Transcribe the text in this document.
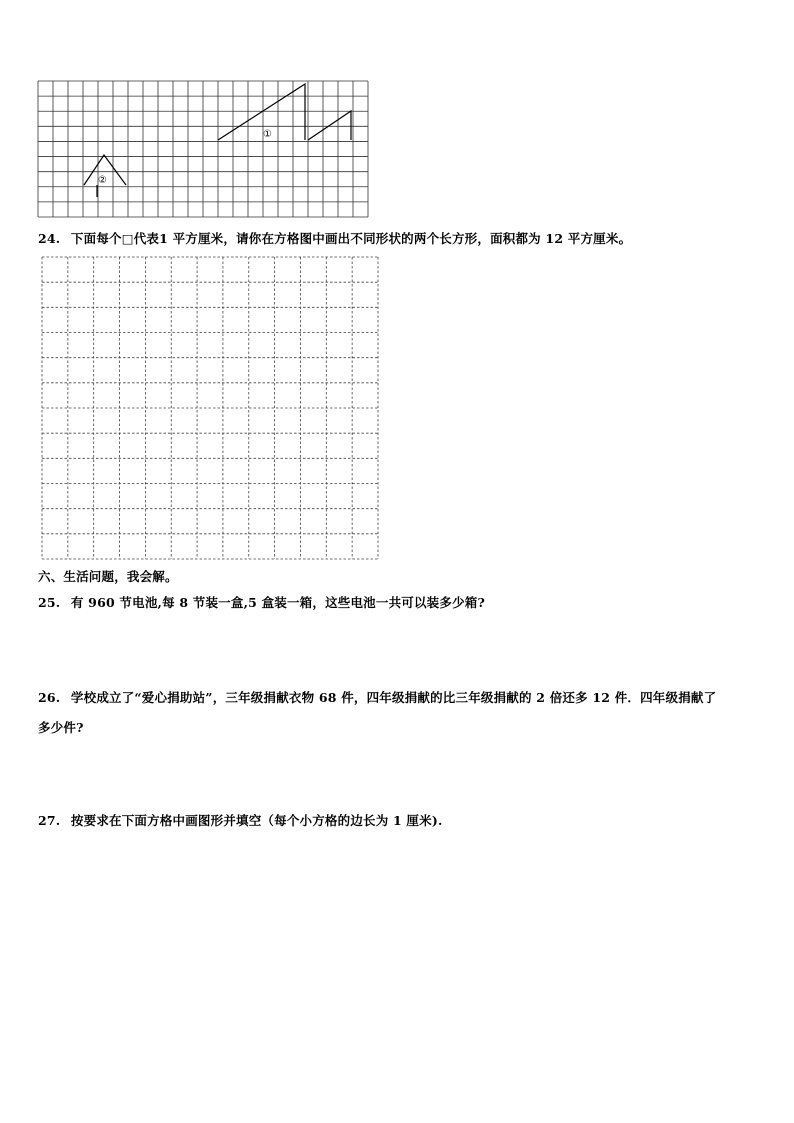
①
②
24. 下面每个□代表1 平方厘米，请你在方格图中画出不同形状的两个长方形，面积都为 12 平方厘米。
六、生活问题，我会解。
25. 有 960 节电池,每 8 节装一盒,5 盒装一箱，这些电池一共可以装多少箱?
26. 学校成立了“爱心捐助站”，三年级捐献衣物 68 件，四年级捐献的比三年级捐献的 2 倍还多 12 件．四年级捐献了
多少件?
27. 按要求在下面方格中画图形并填空（每个小方格的边长为 1 厘米).
